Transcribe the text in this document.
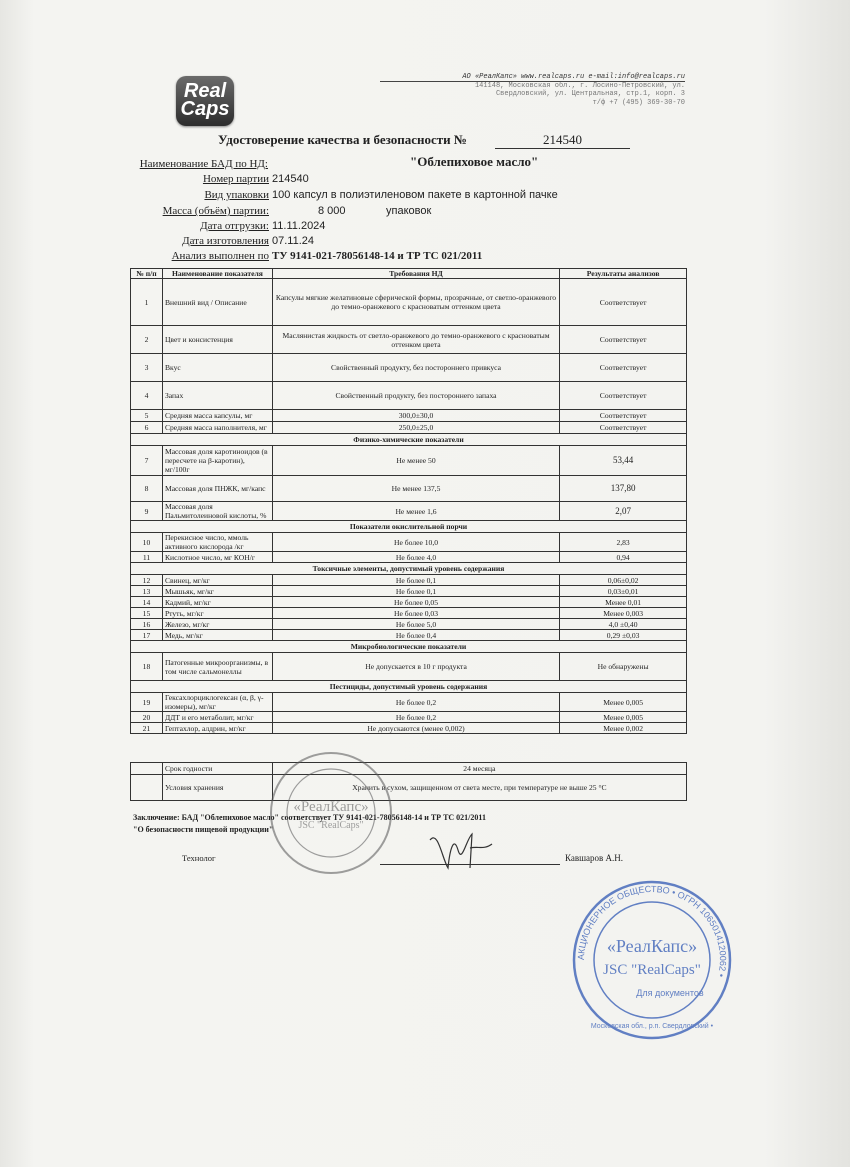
Real
Caps
АО «РеалКапс» www.realcaps.ru e-mail:info@realcaps.ru
141148, Московская обл., г. Лосино-Петровский, ул.
Свердловский, ул. Центральная, стр.1, корп. 3
т/ф +7 (495) 369-30-70
Удостоверение качества и безопасности №	214540
Наименование БАД по НД:	"Облепиховое масло"
Номер партии 214540
Вид упаковки 100 капсул в полиэтиленовом пакете в картонной пачке
Масса (объём) партии:	8 000	упаковок
Дата отгрузки: 11.11.2024
Дата изготовления 07.11.24
Анализ выполнен по ТУ 9141-021-78056148-14 и ТР ТС 021/2011
№ п/п	Наименование показателя	Требования НД	Результаты анализов
1	Внешний вид / Описание	Капсулы мягкие желатиновые сферической формы, прозрачные, от светло-оранжевого до темно-оранжевого с красноватым оттенком цвета	Соответствует
2	Цвет и консистенция	Маслянистая жидкость от светло-оранжевого до темно-оранжевого с красноватым оттенком цвета	Соответствует
3	Вкус	Свойственный продукту, без постороннего привкуса	Соответствует
4	Запах	Свойственный продукту, без постороннего запаха	Соответствует
5	Средняя масса капсулы, мг	300,0±30,0	Соответствует
6	Средняя масса наполнителя, мг	250,0±25,0	Соответствует
Физико-химические показатели			
7	Массовая доля каротиноидов (в пересчете на β-каротин), мг/100г	Не менее 50	53,44
8	Массовая доля ПНЖК, мг/капс	Не менее 137,5	137,80
9	Массовая доля Пальмитолеиновой кислоты, %	Не менее 1,6	2,07
Показатели окислительной порчи			
10	Перекисное число, ммоль активного кислорода /кг	Не более 10,0	2,83
11	Кислотное число, мг КОН/г	Не более 4,0	0,94
Токсичные элементы, допустимый уровень содержания			
12	Свинец, мг/кг	Не более 0,1	0,06±0,02
13	Мышьяк, мг/кг	Не более 0,1	0,03±0,01
14	Кадмий, мг/кг	Не более 0,05	Менее 0,01
15	Ртуть, мг/кг	Не более 0,03	Менее 0,003
16	Железо, мг/кг	Не более 5,0	4,0 ±0,40
17	Медь, мг/кг	Не более 0,4	0,29 ±0,03
Микробиологические показатели			
18	Патогенные микроорганизмы, в том числе сальмонеллы	Не допускается в 10 г продукта	Не обнаружены
Пестициды, допустимый уровень содержания			
19	Гексахлорциклогексан (α, β, γ-изомеры), мг/кг	Не более 0,2	Менее 0,005
20	ДДТ и его метаболит, мг/кг	Не более 0,2	Менее 0,005
21	Гептахлор, алдрин, мг/кг	Не допускаются (менее 0,002)	Менее 0,002
	Срок годности	24 месяца
	Условия хранения	Хранить в сухом, защищенном от света месте, при температуре не выше 25 °С
Заключение: БАД "Облепиховое масло" соответствует ТУ 9141-021-78056148-14 и ТР ТС 021/2011
"О безопасности пищевой продукции"
Технолог	Кавшаров А.Н.
«РеалКапс»
JSC "RealCaps"
АКЦИОНЕРНОЕ ОБЩЕСТВО • ОГРН 1065014120062 •
«РеалКапс»
JSC "RealCaps"
Для документов
Московская обл., р.п. Свердловский •
